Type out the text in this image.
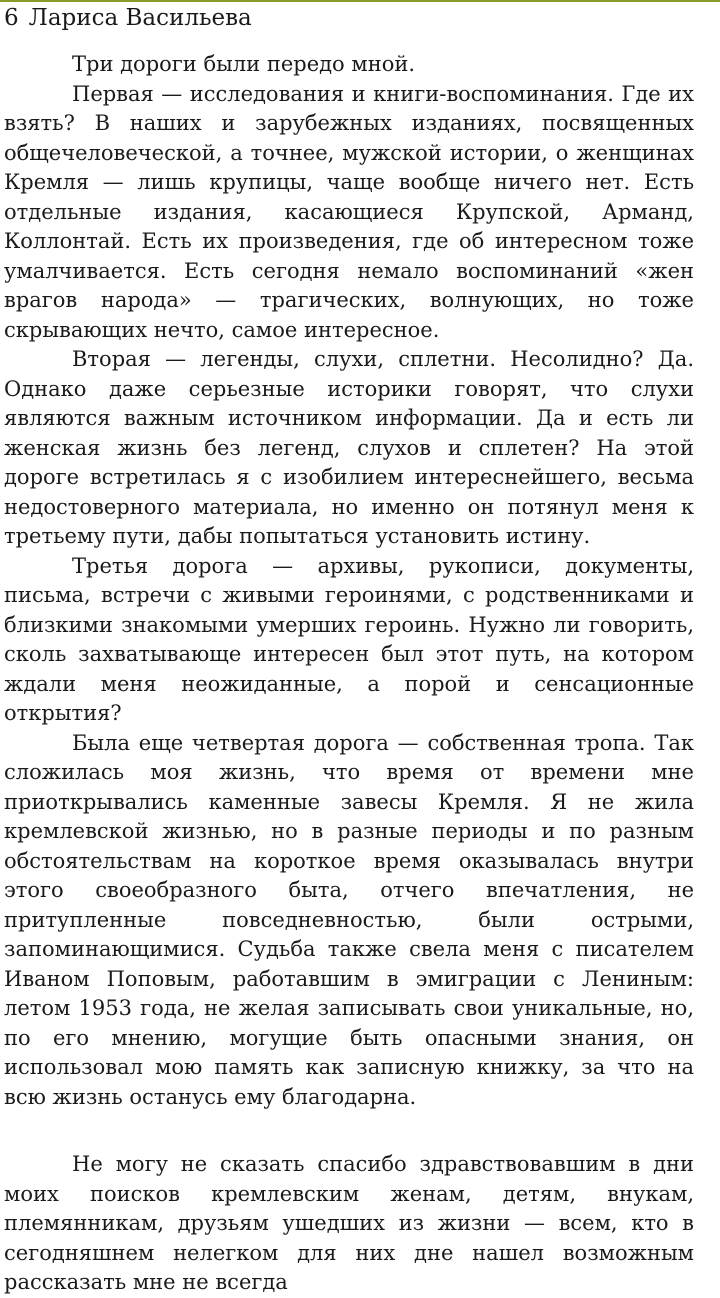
6 Лариса Васильева

Три дороги были передо мной.

Первая — исследования и книги-воспоминания. Где их взять? В наших и зарубежных изданиях, посвященных общечеловеческой, а точнее, мужской истории, о женщинах Кремля — лишь крупицы, чаще вообще ничего нет. Есть отдельные издания, касающиеся Крупской, Арманд, Коллонтай. Есть их произведения, где об интересном тоже умалчивается. Есть сегодня немало воспоминаний «жен врагов народа» — трагических, волнующих, но тоже скрывающих нечто, самое интересное.

Вторая — легенды, слухи, сплетни. Несолидно? Да. Однако даже серьезные историки говорят, что слухи являются важным источником информации. Да и есть ли женская жизнь без легенд, слухов и сплетен? На этой дороге встретилась я с изобилием интереснейшего, весьма недостоверного материала, но именно он потянул меня к третьему пути, дабы попытаться установить истину.

Третья дорога — архивы, рукописи, документы, письма, встречи с живыми героинями, с родственниками и близкими знакомыми умерших героинь. Нужно ли говорить, сколь захватывающе интересен был этот путь, на котором ждали меня неожиданные, а порой и сенсационные открытия?

Была еще четвертая дорога — собственная тропа. Так сложилась моя жизнь, что время от времени мне приоткрывались каменные завесы Кремля. Я не жила кремлевской жизнью, но в разные периоды и по разным обстоятельствам на короткое время оказывалась внутри этого своеобразного быта, отчего впечатления, не притупленные повседневностью, были острыми, запоминающимися. Судьба также свела меня с писателем Иваном Поповым, работавшим в эмиграции с Лениным: летом 1953 года, не желая записывать свои уникальные, но, по его мнению, могущие быть опасными знания, он использовал мою память как записную книжку, за что на всю жизнь останусь ему благодарна.

Не могу не сказать спасибо здравствовавшим в дни моих поисков кремлевским женам, детям, внукам, племянникам, друзьям ушедших из жизни — всем, кто в сегодняшнем нелегком для них дне нашел возможным рассказать мне не всегда
